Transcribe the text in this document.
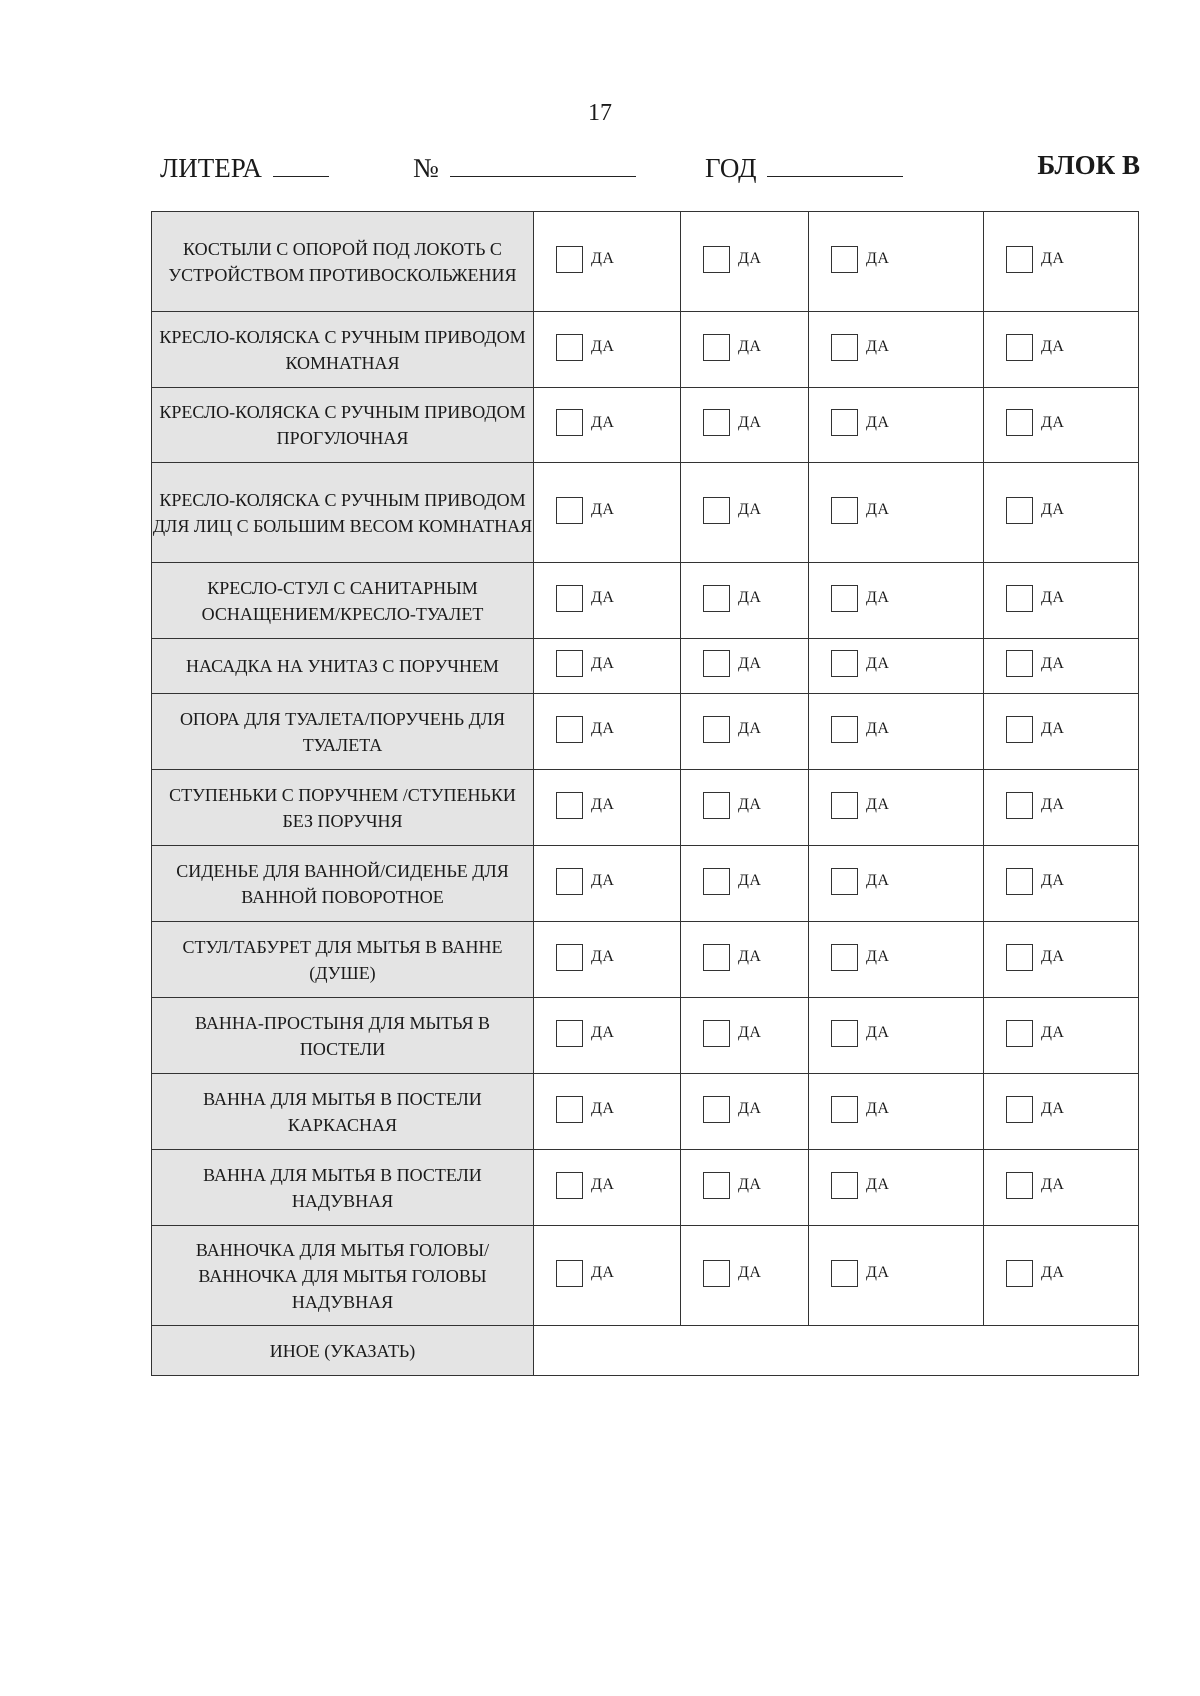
17
ЛИТЕРА	№	ГОД	БЛОК В
КОСТЫЛИ С ОПОРОЙ ПОД ЛОКОТЬ С УСТРОЙСТВОМ ПРОТИВОСКОЛЬЖЕНИЯ	ДА	ДА	ДА	ДА

КРЕСЛО-КОЛЯСКА С РУЧНЫМ ПРИВОДОМ КОМНАТНАЯ	ДА	ДА	ДА	ДА

КРЕСЛО-КОЛЯСКА С РУЧНЫМ ПРИВОДОМ ПРОГУЛОЧНАЯ	ДА	ДА	ДА	ДА

КРЕСЛО-КОЛЯСКА С РУЧНЫМ ПРИВОДОМ ДЛЯ ЛИЦ С БОЛЬШИМ ВЕСОМ КОМНАТНАЯ	ДА	ДА	ДА	ДА

КРЕСЛО-СТУЛ С САНИТАРНЫМ ОСНАЩЕНИЕМ/КРЕСЛО-ТУАЛЕТ	ДА	ДА	ДА	ДА

НАСАДКА НА УНИТАЗ С ПОРУЧНЕМ	ДА	ДА	ДА	ДА

ОПОРА ДЛЯ ТУАЛЕТА/ПОРУЧЕНЬ ДЛЯ ТУАЛЕТА	ДА	ДА	ДА	ДА

СТУПЕНЬКИ С ПОРУЧНЕМ /СТУПЕНЬКИ БЕЗ ПОРУЧНЯ	ДА	ДА	ДА	ДА

СИДЕНЬЕ ДЛЯ ВАННОЙ/СИДЕНЬЕ ДЛЯ ВАННОЙ ПОВОРОТНОЕ	ДА	ДА	ДА	ДА

СТУЛ/ТАБУРЕТ ДЛЯ МЫТЬЯ В ВАННЕ (ДУШЕ)	ДА	ДА	ДА	ДА

ВАННА-ПРОСТЫНЯ ДЛЯ МЫТЬЯ В ПОСТЕЛИ	ДА	ДА	ДА	ДА

ВАННА ДЛЯ МЫТЬЯ В ПОСТЕЛИ КАРКАСНАЯ	ДА	ДА	ДА	ДА

ВАННА ДЛЯ МЫТЬЯ В ПОСТЕЛИ НАДУВНАЯ	ДА	ДА	ДА	ДА

ВАННОЧКА ДЛЯ МЫТЬЯ ГОЛОВЫ/ ВАННОЧКА ДЛЯ МЫТЬЯ ГОЛОВЫ НАДУВНАЯ	ДА	ДА	ДА	ДА

ИНОЕ (УКАЗАТЬ)				
